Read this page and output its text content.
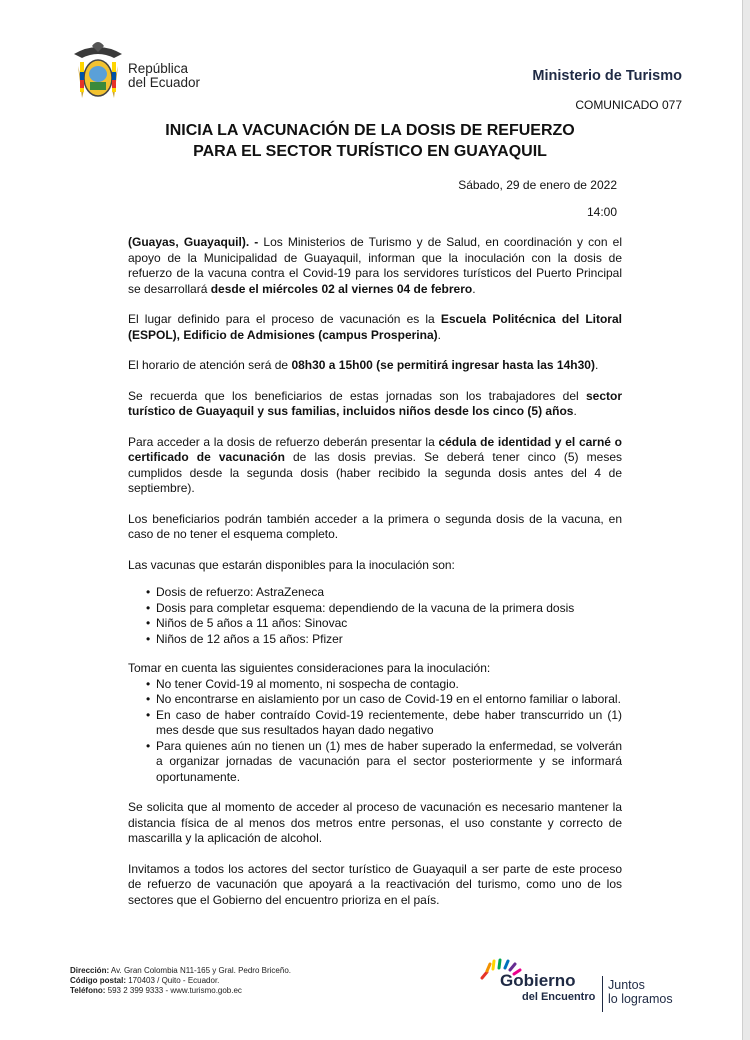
República
del Ecuador	Ministerio de Turismo
COMUNICADO 077
INICIA LA VACUNACIÓN DE LA DOSIS DE REFUERZO
PARA EL SECTOR TURÍSTICO EN GUAYAQUIL
Sábado, 29 de enero de 2022
14:00

(Guayas, Guayaquil). - Los Ministerios de Turismo y de Salud, en coordinación y con el apoyo de la Municipalidad de Guayaquil, informan que la inoculación con la dosis de refuerzo de la vacuna contra el Covid-19 para los servidores turísticos del Puerto Principal se desarrollará desde el miércoles 02 al viernes 04 de febrero.

El lugar definido para el proceso de vacunación es la Escuela Politécnica del Litoral (ESPOL), Edificio de Admisiones (campus Prosperina).

El horario de atención será de 08h30 a 15h00 (se permitirá ingresar hasta las 14h30).

Se recuerda que los beneficiarios de estas jornadas son los trabajadores del sector turístico de Guayaquil y sus familias, incluidos niños desde los cinco (5) años.

Para acceder a la dosis de refuerzo deberán presentar la cédula de identidad y el carné o certificado de vacunación de las dosis previas. Se deberá tener cinco (5) meses cumplidos desde la segunda dosis (haber recibido la segunda dosis antes del 4 de septiembre).

Los beneficiarios podrán también acceder a la primera o segunda dosis de la vacuna, en caso de no tener el esquema completo.

Las vacunas que estarán disponibles para la inoculación son:

Dosis de refuerzo: AstraZeneca
Dosis para completar esquema: dependiendo de la vacuna de la primera dosis
Niños de 5 años a 11 años: Sinovac
Niños de 12 años a 15 años: Pfizer

Tomar en cuenta las siguientes consideraciones para la inoculación:

No tener Covid-19 al momento, ni sospecha de contagio.
No encontrarse en aislamiento por un caso de Covid-19 en el entorno familiar o laboral.
En caso de haber contraído Covid-19 recientemente, debe haber transcurrido un (1) mes desde que sus resultados hayan dado negativo
Para quienes aún no tienen un (1) mes de haber superado la enfermedad, se volverán a organizar jornadas de vacunación para el sector posteriormente y se informará oportunamente.

Se solicita que al momento de acceder al proceso de vacunación es necesario mantener la distancia física de al menos dos metros entre personas, el uso constante y correcto de mascarilla y la aplicación de alcohol.

Invitamos a todos los actores del sector turístico de Guayaquil a ser parte de este proceso de refuerzo de vacunación que apoyará a la reactivación del turismo, como uno de los sectores que el Gobierno del encuentro prioriza en el país.

Dirección: Av. Gran Colombia N11-165 y Gral. Pedro Briceño.
Código postal: 170403 / Quito - Ecuador.
Teléfono: 593 2 399 9333 - www.turismo.gob.ec
Gobierno
del Encuentro
Juntos
lo logramos
